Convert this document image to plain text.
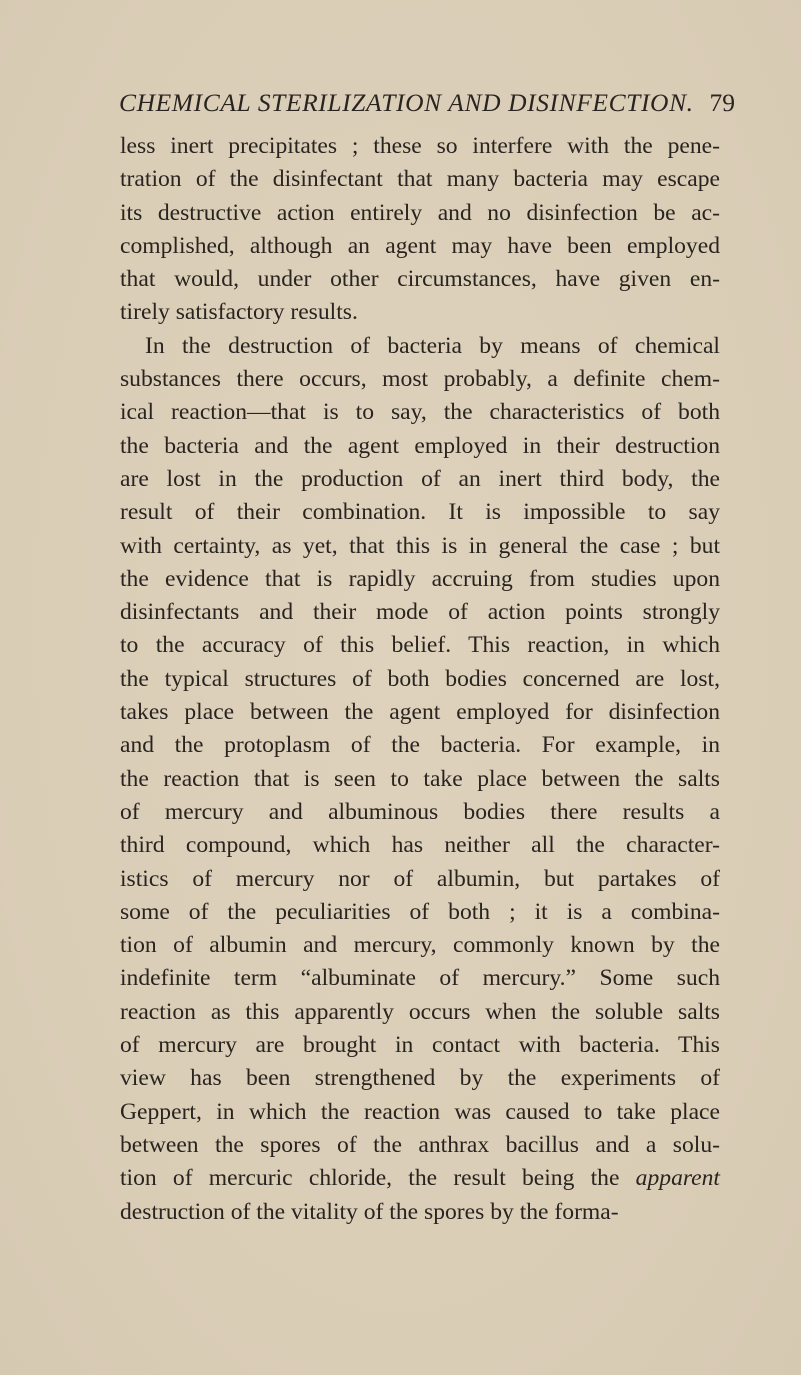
CHEMICAL STERILIZATION AND DISINFECTION. 79
less inert precipitates ; these so interfere with the pene-
tration of the disinfectant that many bacteria may escape
its destructive action entirely and no disinfection be ac-
complished, although an agent may have been employed
that would, under other circumstances, have given en-
tirely satisfactory results.
In the destruction of bacteria by means of chemical
substances there occurs, most probably, a definite chem-
ical reaction—that is to say, the characteristics of both
the bacteria and the agent employed in their destruction
are lost in the production of an inert third body, the
result of their combination. It is impossible to say
with certainty, as yet, that this is in general the case ; but
the evidence that is rapidly accruing from studies upon
disinfectants and their mode of action points strongly
to the accuracy of this belief. This reaction, in which
the typical structures of both bodies concerned are lost,
takes place between the agent employed for disinfection
and the protoplasm of the bacteria. For example, in
the reaction that is seen to take place between the salts
of mercury and albuminous bodies there results a
third compound, which has neither all the character-
istics of mercury nor of albumin, but partakes of
some of the peculiarities of both ; it is a combina-
tion of albumin and mercury, commonly known by the
indefinite term “albuminate of mercury.” Some such
reaction as this apparently occurs when the soluble salts
of mercury are brought in contact with bacteria. This
view has been strengthened by the experiments of
Geppert, in which the reaction was caused to take place
between the spores of the anthrax bacillus and a solu-
tion of mercuric chloride, the result being the apparent
destruction of the vitality of the spores by the forma-
